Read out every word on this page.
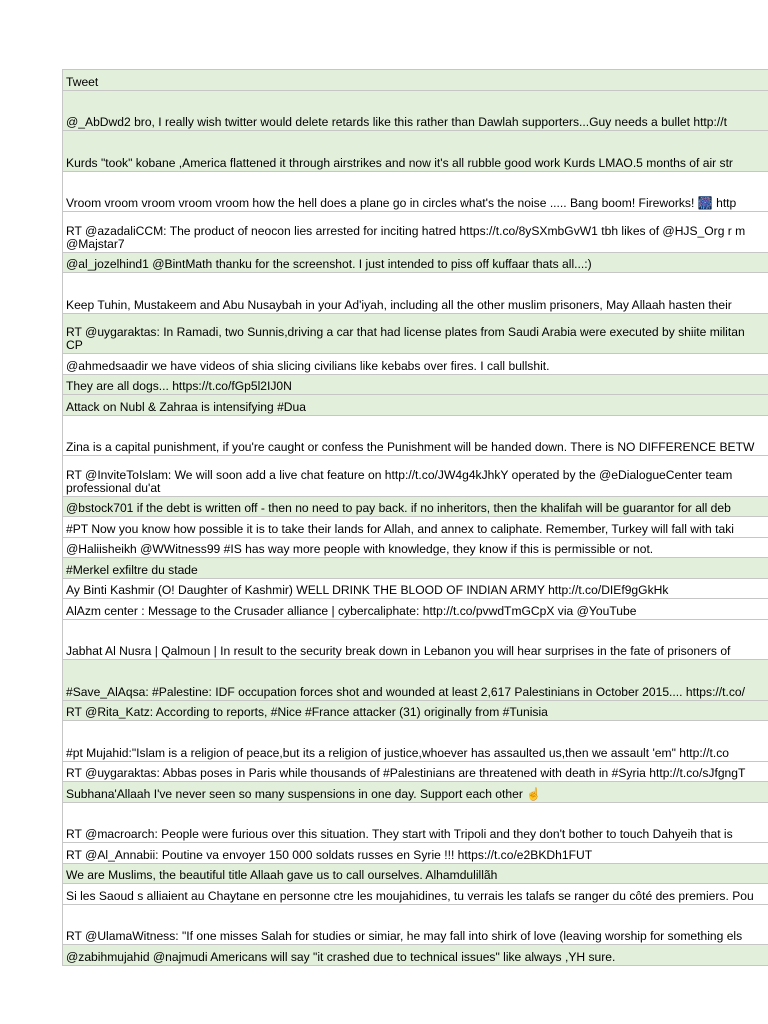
Tweet
@_AbDwd2 bro, I really wish twitter would delete retards like this rather than Dawlah supporters...Guy needs a bullet http://t
Kurds "took" kobane ,America flattened it through airstrikes and now it's all rubble good work Kurds LMAO.5 months of air str
Vroom vroom vroom vroom vroom how the hell does a plane go in circles what's the noise ..... Bang boom! Fireworks! 🎆 http
RT @azadaliCCM: The product of neocon lies arrested for inciting hatred https://t.co/8ySXmbGvW1 tbh likes of @HJS_Org r m
@Majstar7
@al_jozelhind1 @BintMath thanku for the screenshot. I just intended to piss off kuffaar thats all...:)
Keep Tuhin, Mustakeem and Abu Nusaybah in your Ad'iyah, including all the other muslim prisoners, May Allaah hasten their
RT @uygaraktas: In Ramadi, two Sunnis,driving a car that had license plates from Saudi Arabia were executed by shiite militan
CP
@ahmedsaadir we have videos of shia slicing civilians like kebabs over fires. I call bullshit.
They are all dogs... https://t.co/fGp5l2IJ0N
Attack on Nubl & Zahraa is intensifying #Dua
Zina is a capital punishment, if you're caught or confess the Punishment will be handed down. There is NO DIFFERENCE BETW
RT @InviteToIslam: We will soon add a live chat feature on http://t.co/JW4g4kJhkY operated by the @eDialogueCenter team
professional du'at
@bstock701 if the debt is written off - then no need to pay back. if no inheritors, then the khalifah will be guarantor for all deb
#PT Now you know how possible it is to take their lands for Allah, and annex to caliphate. Remember, Turkey will fall with taki
@Haliisheikh @WWitness99 #IS has way more people with knowledge, they know if this is permissible or not.
#Merkel exfiltre du stade
Ay Binti Kashmir (O! Daughter of Kashmir) WELL DRINK THE BLOOD OF INDIAN ARMY http://t.co/DIEf9gGkHk
AlAzm center : Message to the Crusader alliance | cybercaliphate: http://t.co/pvwdTmGCpX via @YouTube
Jabhat Al Nusra | Qalmoun | In result to the security break down in Lebanon you will hear surprises in the fate of prisoners of
#Save_AlAqsa: #Palestine: IDF occupation forces shot and wounded at least 2,617 Palestinians in October 2015.... https://t.co/
RT @Rita_Katz: According to reports, #Nice #France attacker (31) originally from #Tunisia
#pt Mujahid:"Islam is a religion of peace,but its a religion of justice,whoever has assaulted us,then we assault 'em" http://t.co
RT @uygaraktas: Abbas poses in Paris while thousands of #Palestinians are threatened with death in #Syria http://t.co/sJfgngT
Subhana'Allaah I've never seen so many suspensions in one day. Support each other ☝
RT @macroarch: People were furious over this situation. They start with Tripoli and they don't bother to touch Dahyeih that is
RT @Al_Annabii: Poutine va envoyer 150 000 soldats russes en Syrie !!! https://t.co/e2BKDh1FUT
We are Muslims, the beautiful title Allaah gave us to call ourselves. Alhamdulillãh
Si les Saoud s alliaient au Chaytane en personne ctre les moujahidines, tu verrais les talafs se ranger du côté des premiers. Pou
RT @UlamaWitness: "If one misses Salah for studies or simiar, he may fall into shirk of love (leaving worship for something els
@zabihmujahid @najmudi Americans will say "it crashed due to technical issues" like always ,YH sure.
